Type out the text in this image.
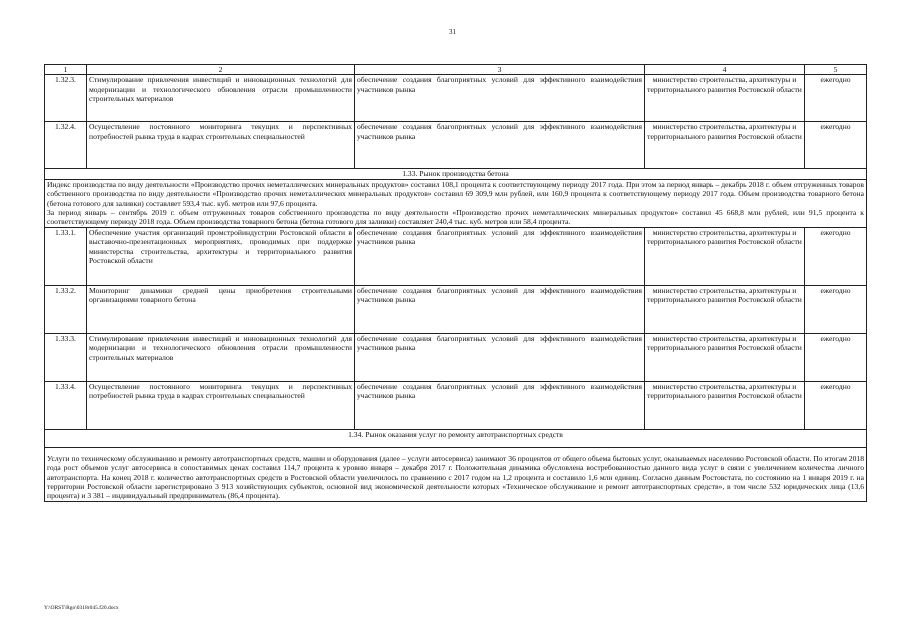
31
1	2	3	4	5
1.32.3.	Стимулирование привлечения инвестиций и инновационных технологий для модернизации и технологического обновления отрасли промышленности строительных материалов	обеспечение создания благоприятных условий для эффективного взаимодействия участников рынка	министерство строительства, архитектуры и территориального развития Ростовской области	ежегодно
1.32.4.	Осуществление постоянного мониторинга текущих и перспективных потребностей рынка труда в кадрах строительных специальностей	обеспечение создания благоприятных условий для эффективного взаимодействия участников рынка	министерство строительства, архитектуры и территориального развития Ростовской области	ежегодно
1.33. Рынок производства бетона				

Индекс производства по виду деятельности «Производство прочих неметаллических минеральных продуктов» составил 108,1 процента к соответствующему периоду 2017 года. При этом за период январь – декабрь 2018 г. объем отгруженных товаров собственного производства по виду деятельности «Производство прочих неметаллических минеральных продуктов» составил 69 309,9 млн рублей, или 160,9 процента к соответствующему периоду 2017 года. Объем производства товарного бетона (бетона готового для заливки) составляет 593,4 тыс. куб. метров или 97,6 процента.

За период январь – сентябрь 2019 г. объем отгруженных товаров собственного производства по виду деятельности «Производство прочих неметаллических минеральных продуктов» составил 45 668,8 млн рублей, или 91,5 процента к соответствующему периоду 2018 года. Объем производства товарного бетона (бетона готового для заливки) составляет 240,4 тыс. куб. метров или 58,4 процента.				

1.33.1.	Обеспечение участия организаций промстройиндустрии Ростовской области в выставочно-презентационных мероприятиях, проводимых при поддержке министерства строительства, архитектуры и территориального развития Ростовской области	обеспечение создания благоприятных условий для эффективного взаимодействия участников рынка	министерство строительства, архитектуры и территориального развития Ростовской области	ежегодно
1.33.2.	Мониторинг динамики средней цены приобретения строительными организациями товарного бетона	обеспечение создания благоприятных условий для эффективного взаимодействия участников рынка	министерство строительства, архитектуры и территориального развития Ростовской области	ежегодно
1.33.3.	Стимулирование привлечения инвестиций и инновационных технологий для модернизации и технологического обновления отрасли промышленности строительных материалов	обеспечение создания благоприятных условий для эффективного взаимодействия участников рынка	министерство строительства, архитектуры и территориального развития Ростовской области	ежегодно
1.33.4.	Осуществление постоянного мониторинга текущих и перспективных потребностей рынка труда в кадрах строительных специальностей	обеспечение создания благоприятных условий для эффективного взаимодействия участников рынка	министерство строительства, архитектуры и территориального развития Ростовской области	ежегодно
1.34. Рынок оказания услуг по ремонту автотранспортных средств				

Услуги по техническому обслуживанию и ремонту автотранспортных средств, машин и оборудования (далее – услуги автосервиса) занимают 36 процентов от общего объема бытовых услуг, оказываемых населению Ростовской области. По итогам 2018 года рост объемов услуг автосервиса в сопоставимых ценах составил 114,7 процента к уровню января – декабря 2017 г. Положительная динамика обусловлена востребованностью данного вида услуг в связи с увеличением количества личного автотранспорта. На конец 2018 г. количество автотранспортных средств в Ростовской области увеличилось по сравнению с 2017 годом на 1,2 процента и составило 1,6 млн единиц. Согласно данным Ростовстата, по состоянию на 1 января 2019 г. на территории Ростовской области зарегистрировано 3 913 хозяйствующих субъектов, основной вид экономической деятельности которых «Техническое обслуживание и ремонт автотранспортных средств», в том числе 532 юридических лица (13,6 процента) и 3 381 – индивидуальный предприниматель (86,4 процента).				

Y:\ORST\Rgo\0318r045.f20.docx
